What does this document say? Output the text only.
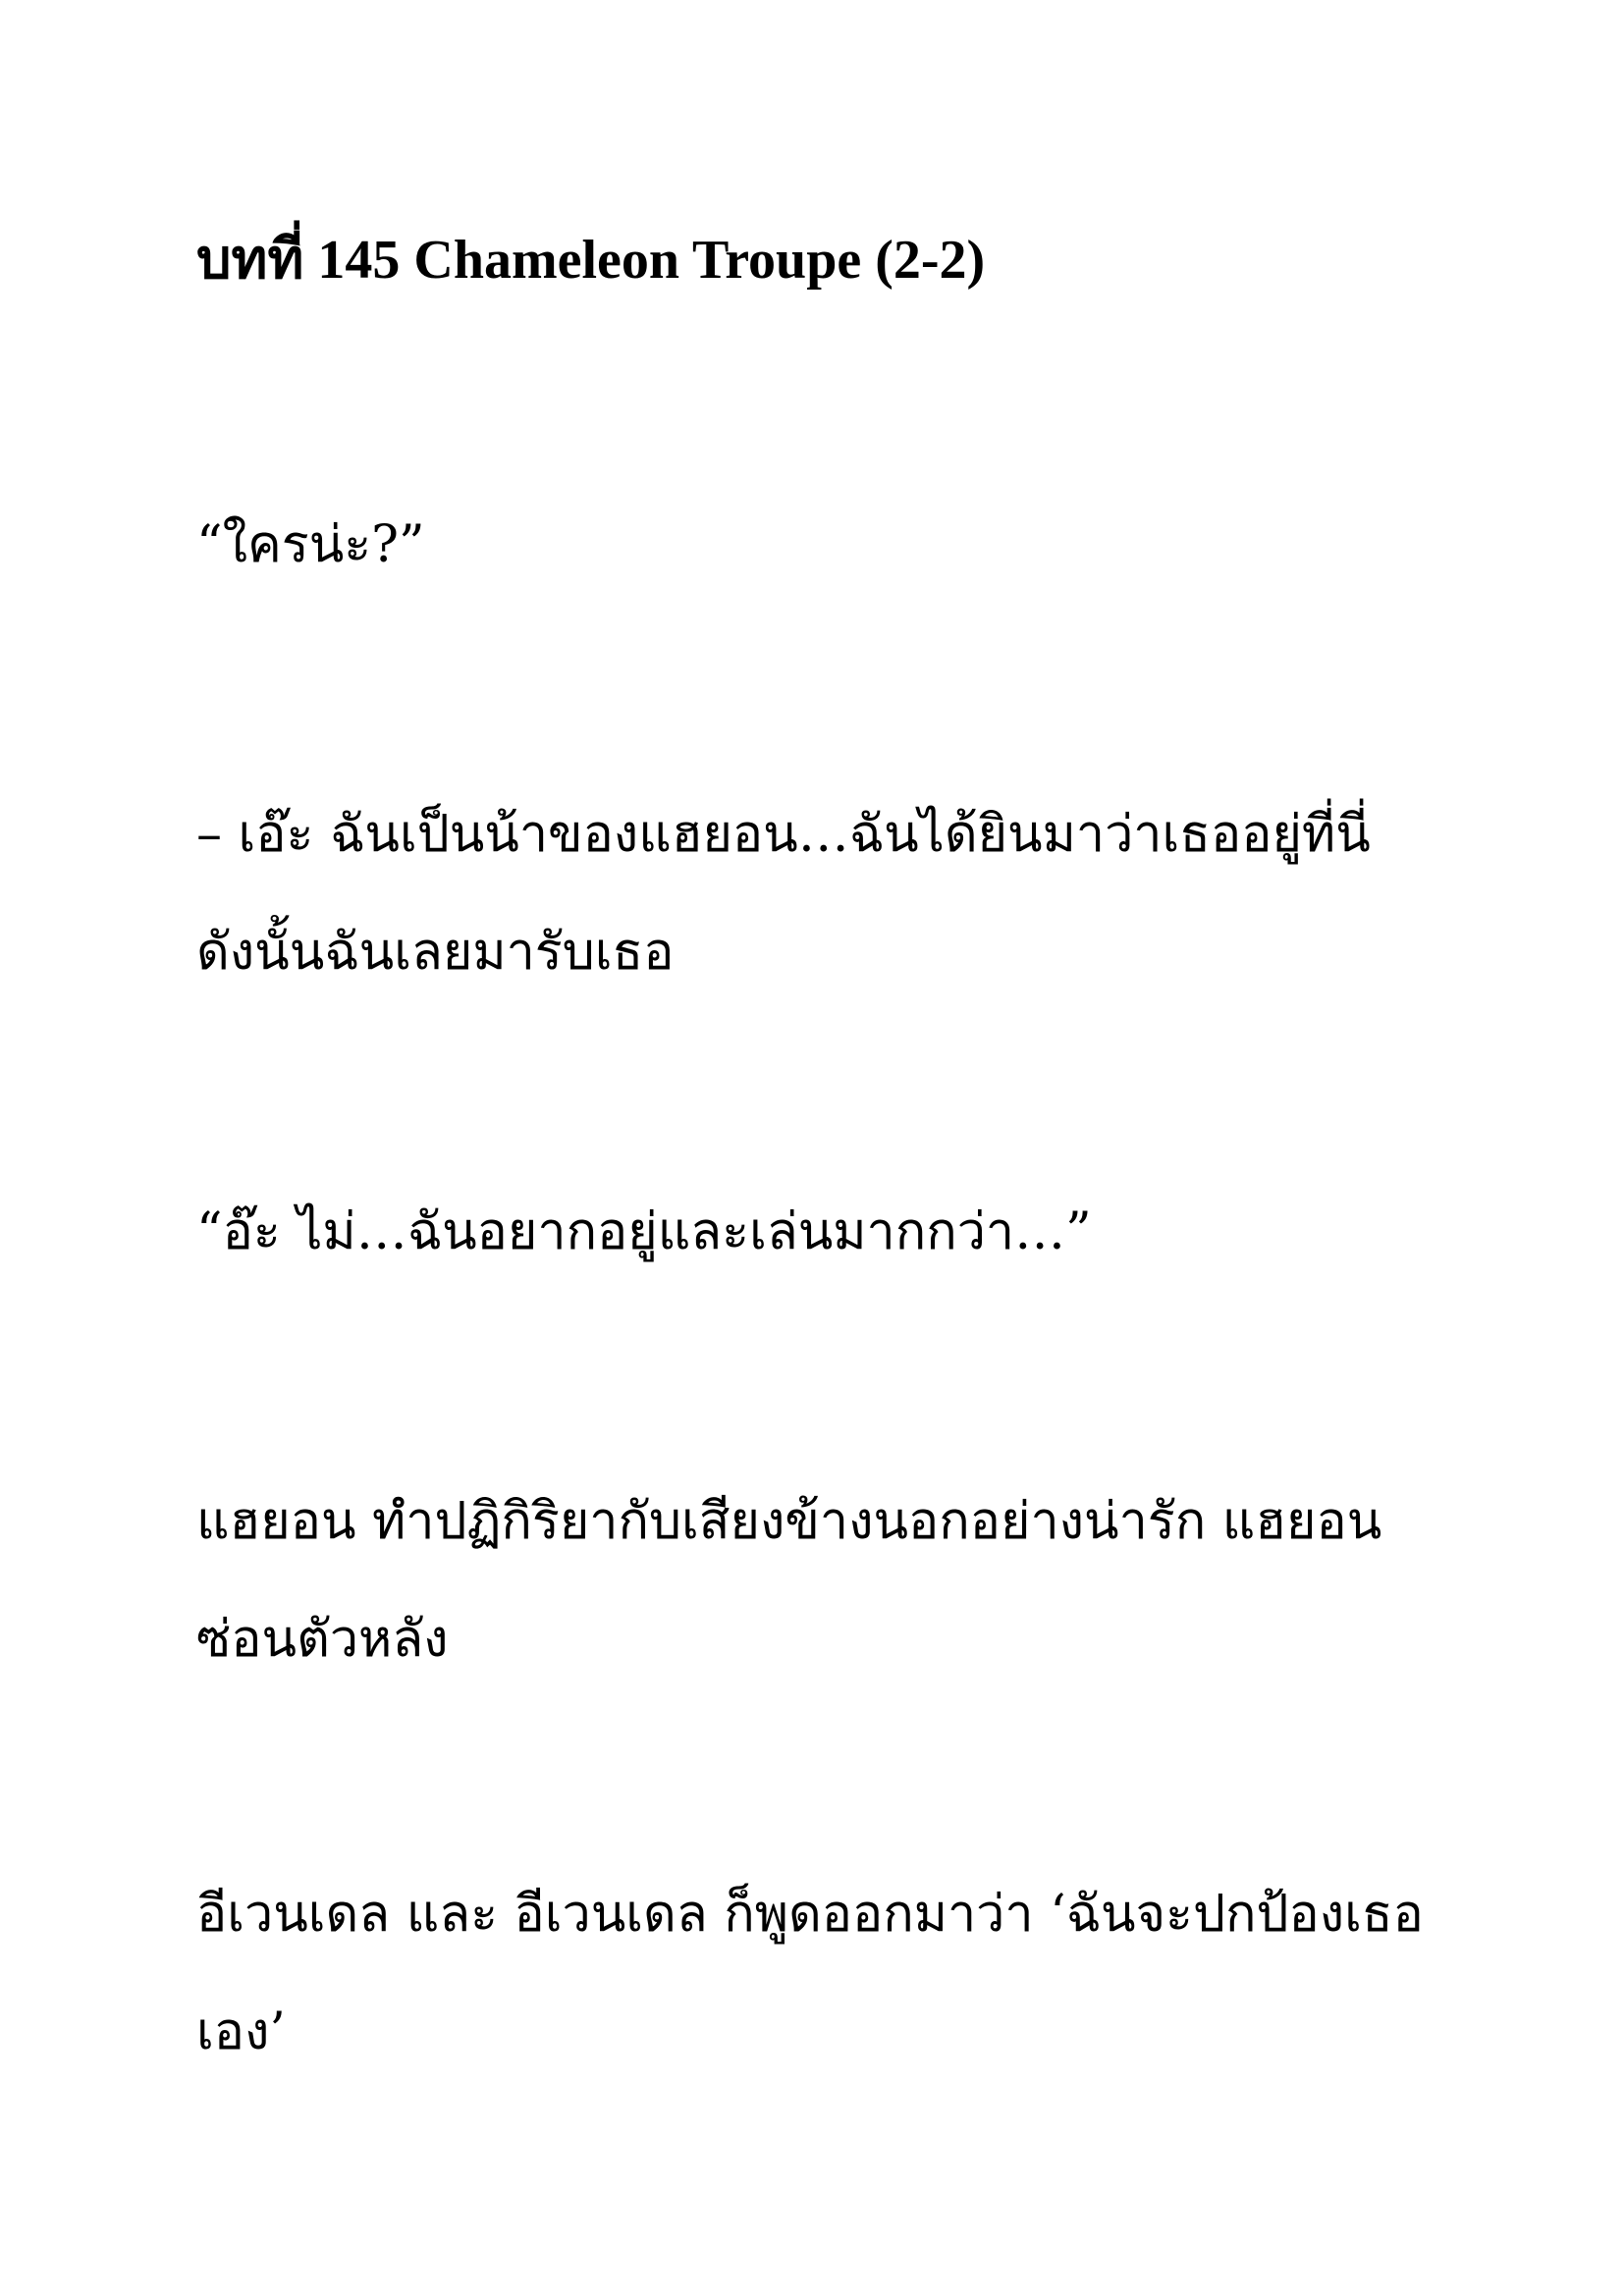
บทที่ 145 Chameleon Troupe (2-2)

“ใครน่ะ?”

– เอ๊ะ ฉันเป็นน้าของแฮยอน…ฉันได้ยินมาว่าเธออยู่ที่นี่
ดังนั้นฉันเลยมารับเธอ

“อ๊ะ ไม่…ฉันอยากอยู่และเล่นมากกว่า…”

แฮยอน ทำปฏิกิริยากับเสียงข้างนอกอย่างน่ารัก แฮยอน
ซ่อนตัวหลัง

อีเวนเดล และ อีเวนเดล ก็พูดออกมาว่า ‘ฉันจะปกป้องเธอ
เอง’
